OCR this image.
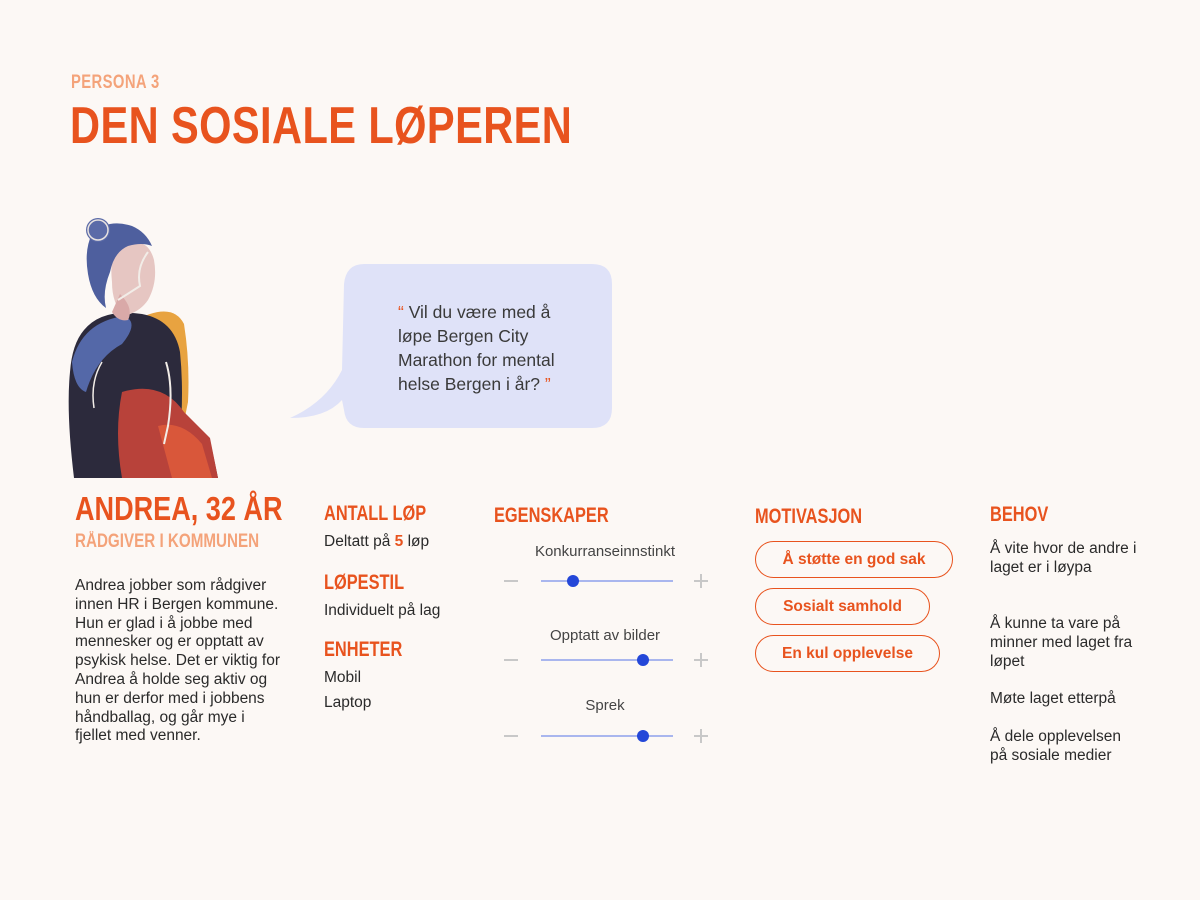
PERSONA 3
DEN SOSIALE LØPEREN
“ Vil du være med å løpe Bergen City Marathon for mental helse Bergen i år? ”
ANDREA, 32 ÅR
RÅDGIVER I KOMMUNEN
Andrea jobber som rådgiver innen HR i Bergen kommune. Hun er glad i å jobbe med mennesker og er opptatt av psykisk helse. Det er viktig for Andrea å holde seg aktiv og hun er derfor med i jobbens håndballag, og går mye i fjellet med venner.
ANTALL LØP
Deltatt på 5 løp
LØPESTIL
Individuelt på lag
ENHETER
Mobil
Laptop
EGENSKAPER
Konkurranseinnstinkt
Opptatt av bilder
Sprek
MOTIVASJON
Å støtte en god sak
Sosialt samhold
En kul opplevelse
BEHOV
Å vite hvor de andre i laget er i løypa
Å kunne ta vare på minner med laget fra løpet
Møte laget etterpå
Å dele opplevelsen på sosiale medier
